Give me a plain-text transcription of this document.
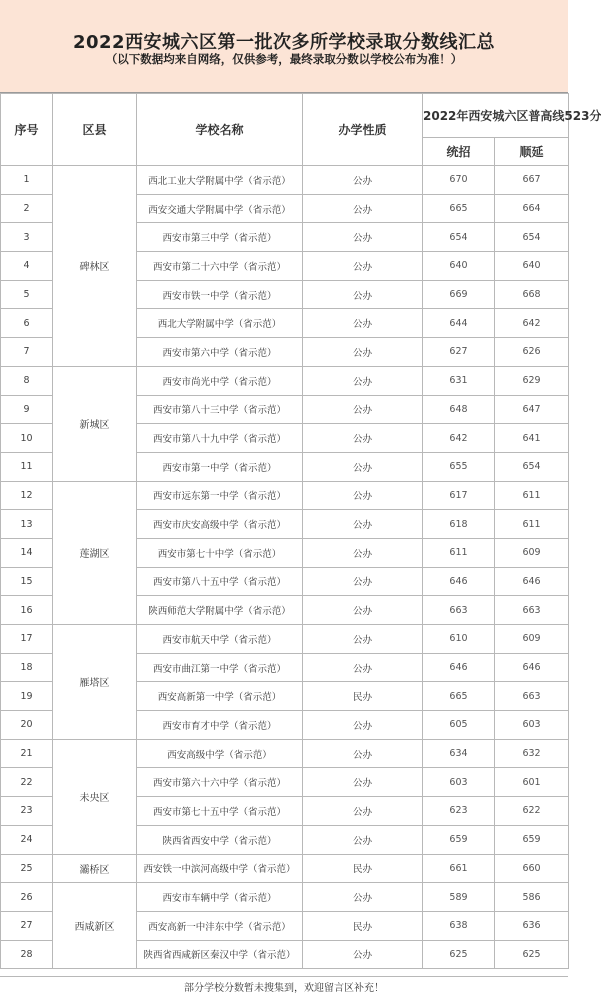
2022西安城六区第一批次多所学校录取分数线汇总
（以下数据均来自网络，仅供参考，最终录取分数以学校公布为准！）
序号	区县	学校名称	办学性质	2022年西安城六区普高线523分	
				统招	顺延
1	碑林区	西北工业大学附属中学（省示范）	公办	670	667
2		西安交通大学附属中学（省示范）	公办	665	664
3		西安市第三中学（省示范）	公办	654	654
4		西安市第二十六中学（省示范）	公办	640	640
5		西安市铁一中学（省示范）	公办	669	668
6		西北大学附属中学（省示范）	公办	644	642
7		西安市第六中学（省示范）	公办	627	626
8	新城区	西安市尚光中学（省示范）	公办	631	629
9		西安市第八十三中学（省示范）	公办	648	647
10		西安市第八十九中学（省示范）	公办	642	641
11		西安市第一中学（省示范）	公办	655	654
12	莲湖区	西安市远东第一中学（省示范）	公办	617	611
13		西安市庆安高级中学（省示范）	公办	618	611
14		西安市第七十中学（省示范）	公办	611	609
15		西安市第八十五中学（省示范）	公办	646	646
16		陕西师范大学附属中学（省示范）	公办	663	663
17	雁塔区	西安市航天中学（省示范）	公办	610	609
18		西安市曲江第一中学（省示范）	公办	646	646
19		西安高新第一中学（省示范）	民办	665	663
20		西安市育才中学（省示范）	公办	605	603
21	未央区	西安高级中学（省示范）	公办	634	632
22		西安市第六十六中学（省示范）	公办	603	601
23		西安市第七十五中学（省示范）	公办	623	622
24		陕西省西安中学（省示范）	公办	659	659
25	灞桥区	西安铁一中滨河高级中学（省示范）	民办	661	660
26	西咸新区	西安市车辆中学（省示范）	公办	589	586
27		西安高新一中沣东中学（省示范）	民办	638	636
28		陕西省西咸新区秦汉中学（省示范）	公办	625	625
部分学校分数暂未搜集到，欢迎留言区补充！
